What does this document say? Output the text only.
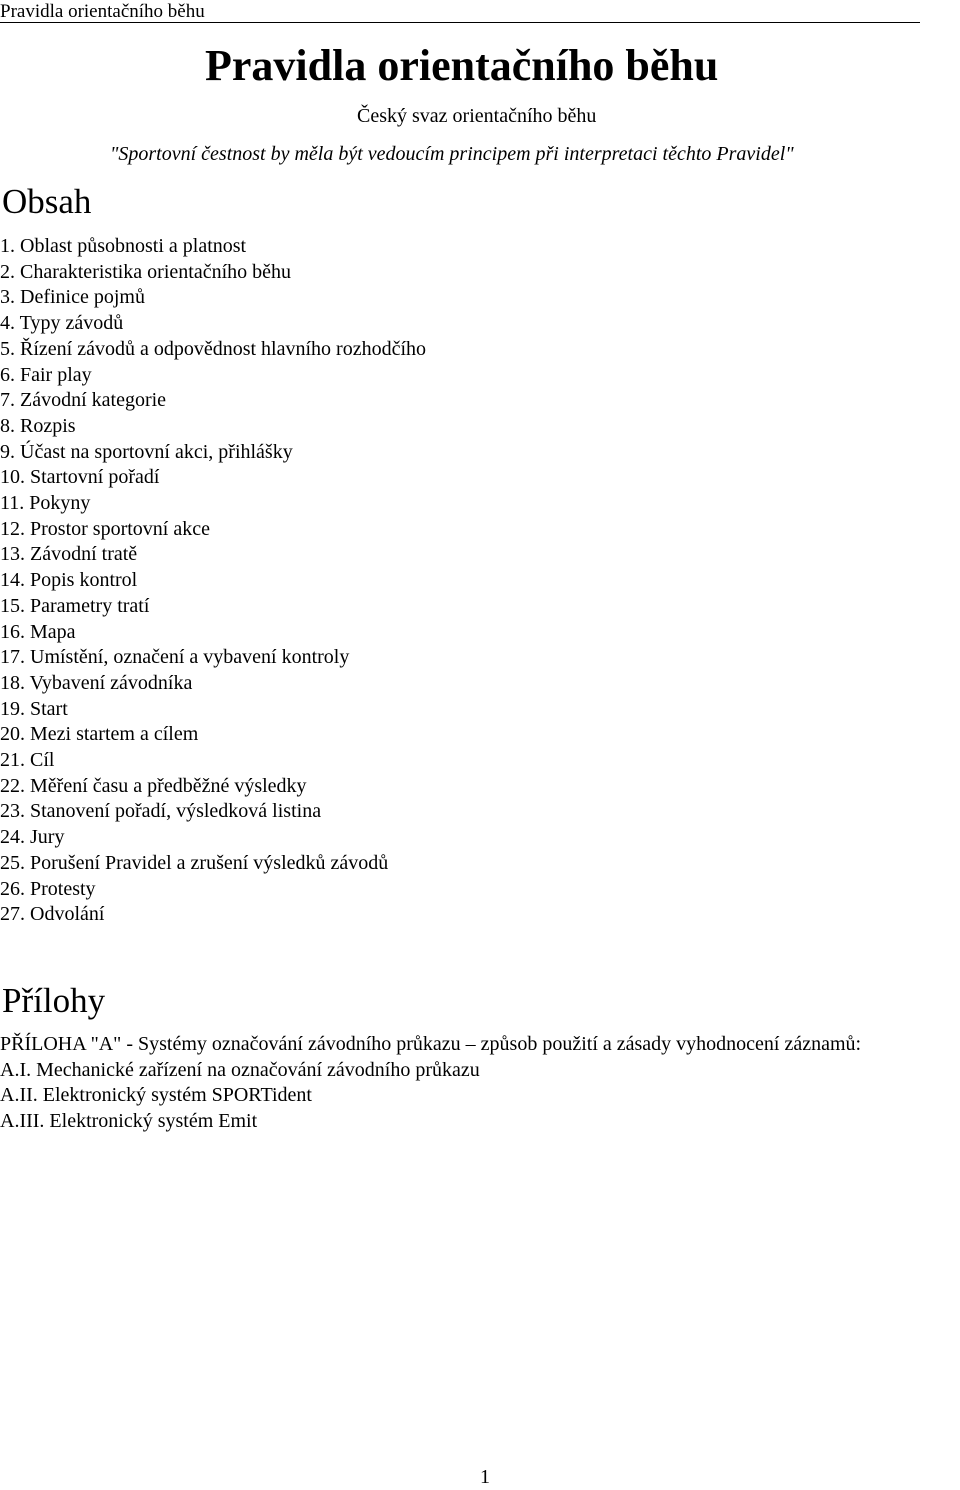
Pravidla orientačního běhu
Pravidla orientačního běhu
Český svaz orientačního běhu
"Sportovní čestnost by měla být vedoucím principem při interpretaci těchto Pravidel"
Obsah
1. Oblast působnosti a platnost
2. Charakteristika orientačního běhu
3. Definice pojmů
4. Typy závodů
5. Řízení závodů a odpovědnost hlavního rozhodčího
6. Fair play
7. Závodní kategorie
8. Rozpis
9. Účast na sportovní akci, přihlášky
10. Startovní pořadí
11. Pokyny
12. Prostor sportovní akce
13. Závodní tratě
14. Popis kontrol
15. Parametry tratí
16. Mapa
17. Umístění, označení a vybavení kontroly
18. Vybavení závodníka
19. Start
20. Mezi startem a cílem
21. Cíl
22. Měření času a předběžné výsledky
23. Stanovení pořadí, výsledková listina
24. Jury
25. Porušení Pravidel a zrušení výsledků závodů
26. Protesty
27. Odvolání
Přílohy
PŘÍLOHA "A" - Systémy označování závodního průkazu – způsob použití a zásady vyhodnocení záznamů:
A.I. Mechanické zařízení na označování závodního průkazu
A.II. Elektronický systém SPORTident
A.III. Elektronický systém Emit
1
